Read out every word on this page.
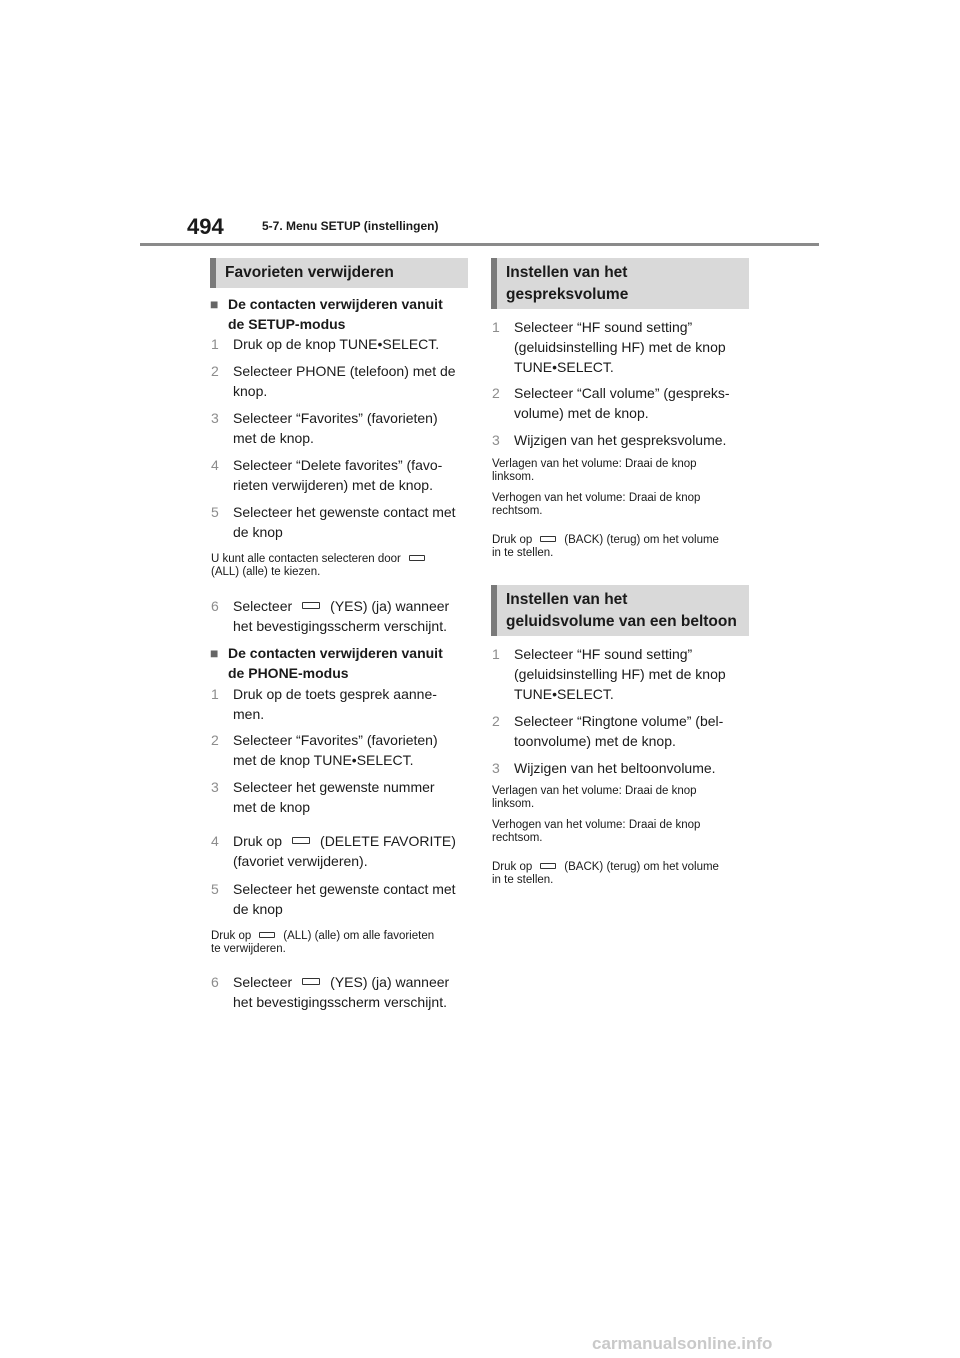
494	5-7. Menu SETUP (instellingen)
Favorieten verwijderen
■ De contacten verwijderen vanuit
de SETUP-modus
1 Druk op de knop TUNE•SELECT.
2 Selecteer PHONE (telefoon) met de
knop.
3 Selecteer “Favorites” (favorieten)
met de knop.
4 Selecteer “Delete favorites” (favo-
rieten verwijderen) met de knop.
5 Selecteer het gewenste contact met
de knop
U kunt alle contacten selecteren door
(ALL) (alle) te kiezen.
6 Selecteer	(YES) (ja) wanneer
het bevestigingsscherm verschijnt.
■ De contacten verwijderen vanuit
de PHONE-modus
1 Druk op de toets gesprek aanne-
men.
2 Selecteer “Favorites” (favorieten)
met de knop TUNE•SELECT.
3 Selecteer het gewenste nummer
met de knop
4 Druk op	(DELETE FAVORITE)
(favoriet verwijderen).
5 Selecteer het gewenste contact met
de knop
Druk op	(ALL) (alle) om alle favorieten
te verwijderen.
6 Selecteer	(YES) (ja) wanneer
het bevestigingsscherm verschijnt.
Instellen van het
gespreksvolume
1 Selecteer “HF sound setting”
(geluidsinstelling HF) met de knop
TUNE•SELECT.
2 Selecteer “Call volume” (gespreks-
volume) met de knop.
3 Wijzigen van het gespreksvolume.
Verlagen van het volume: Draai de knop
linksom.
Verhogen van het volume: Draai de knop
rechtsom.
Druk op	(BACK) (terug) om het volume
in te stellen.
Instellen van het
geluidsvolume van een beltoon
1 Selecteer “HF sound setting”
(geluidsinstelling HF) met de knop
TUNE•SELECT.
2 Selecteer “Ringtone volume” (bel-
toonvolume) met de knop.
3 Wijzigen van het beltoonvolume.
Verlagen van het volume: Draai de knop
linksom.
Verhogen van het volume: Draai de knop
rechtsom.
Druk op	(BACK) (terug) om het volume
in te stellen.
carmanualsonline.info
